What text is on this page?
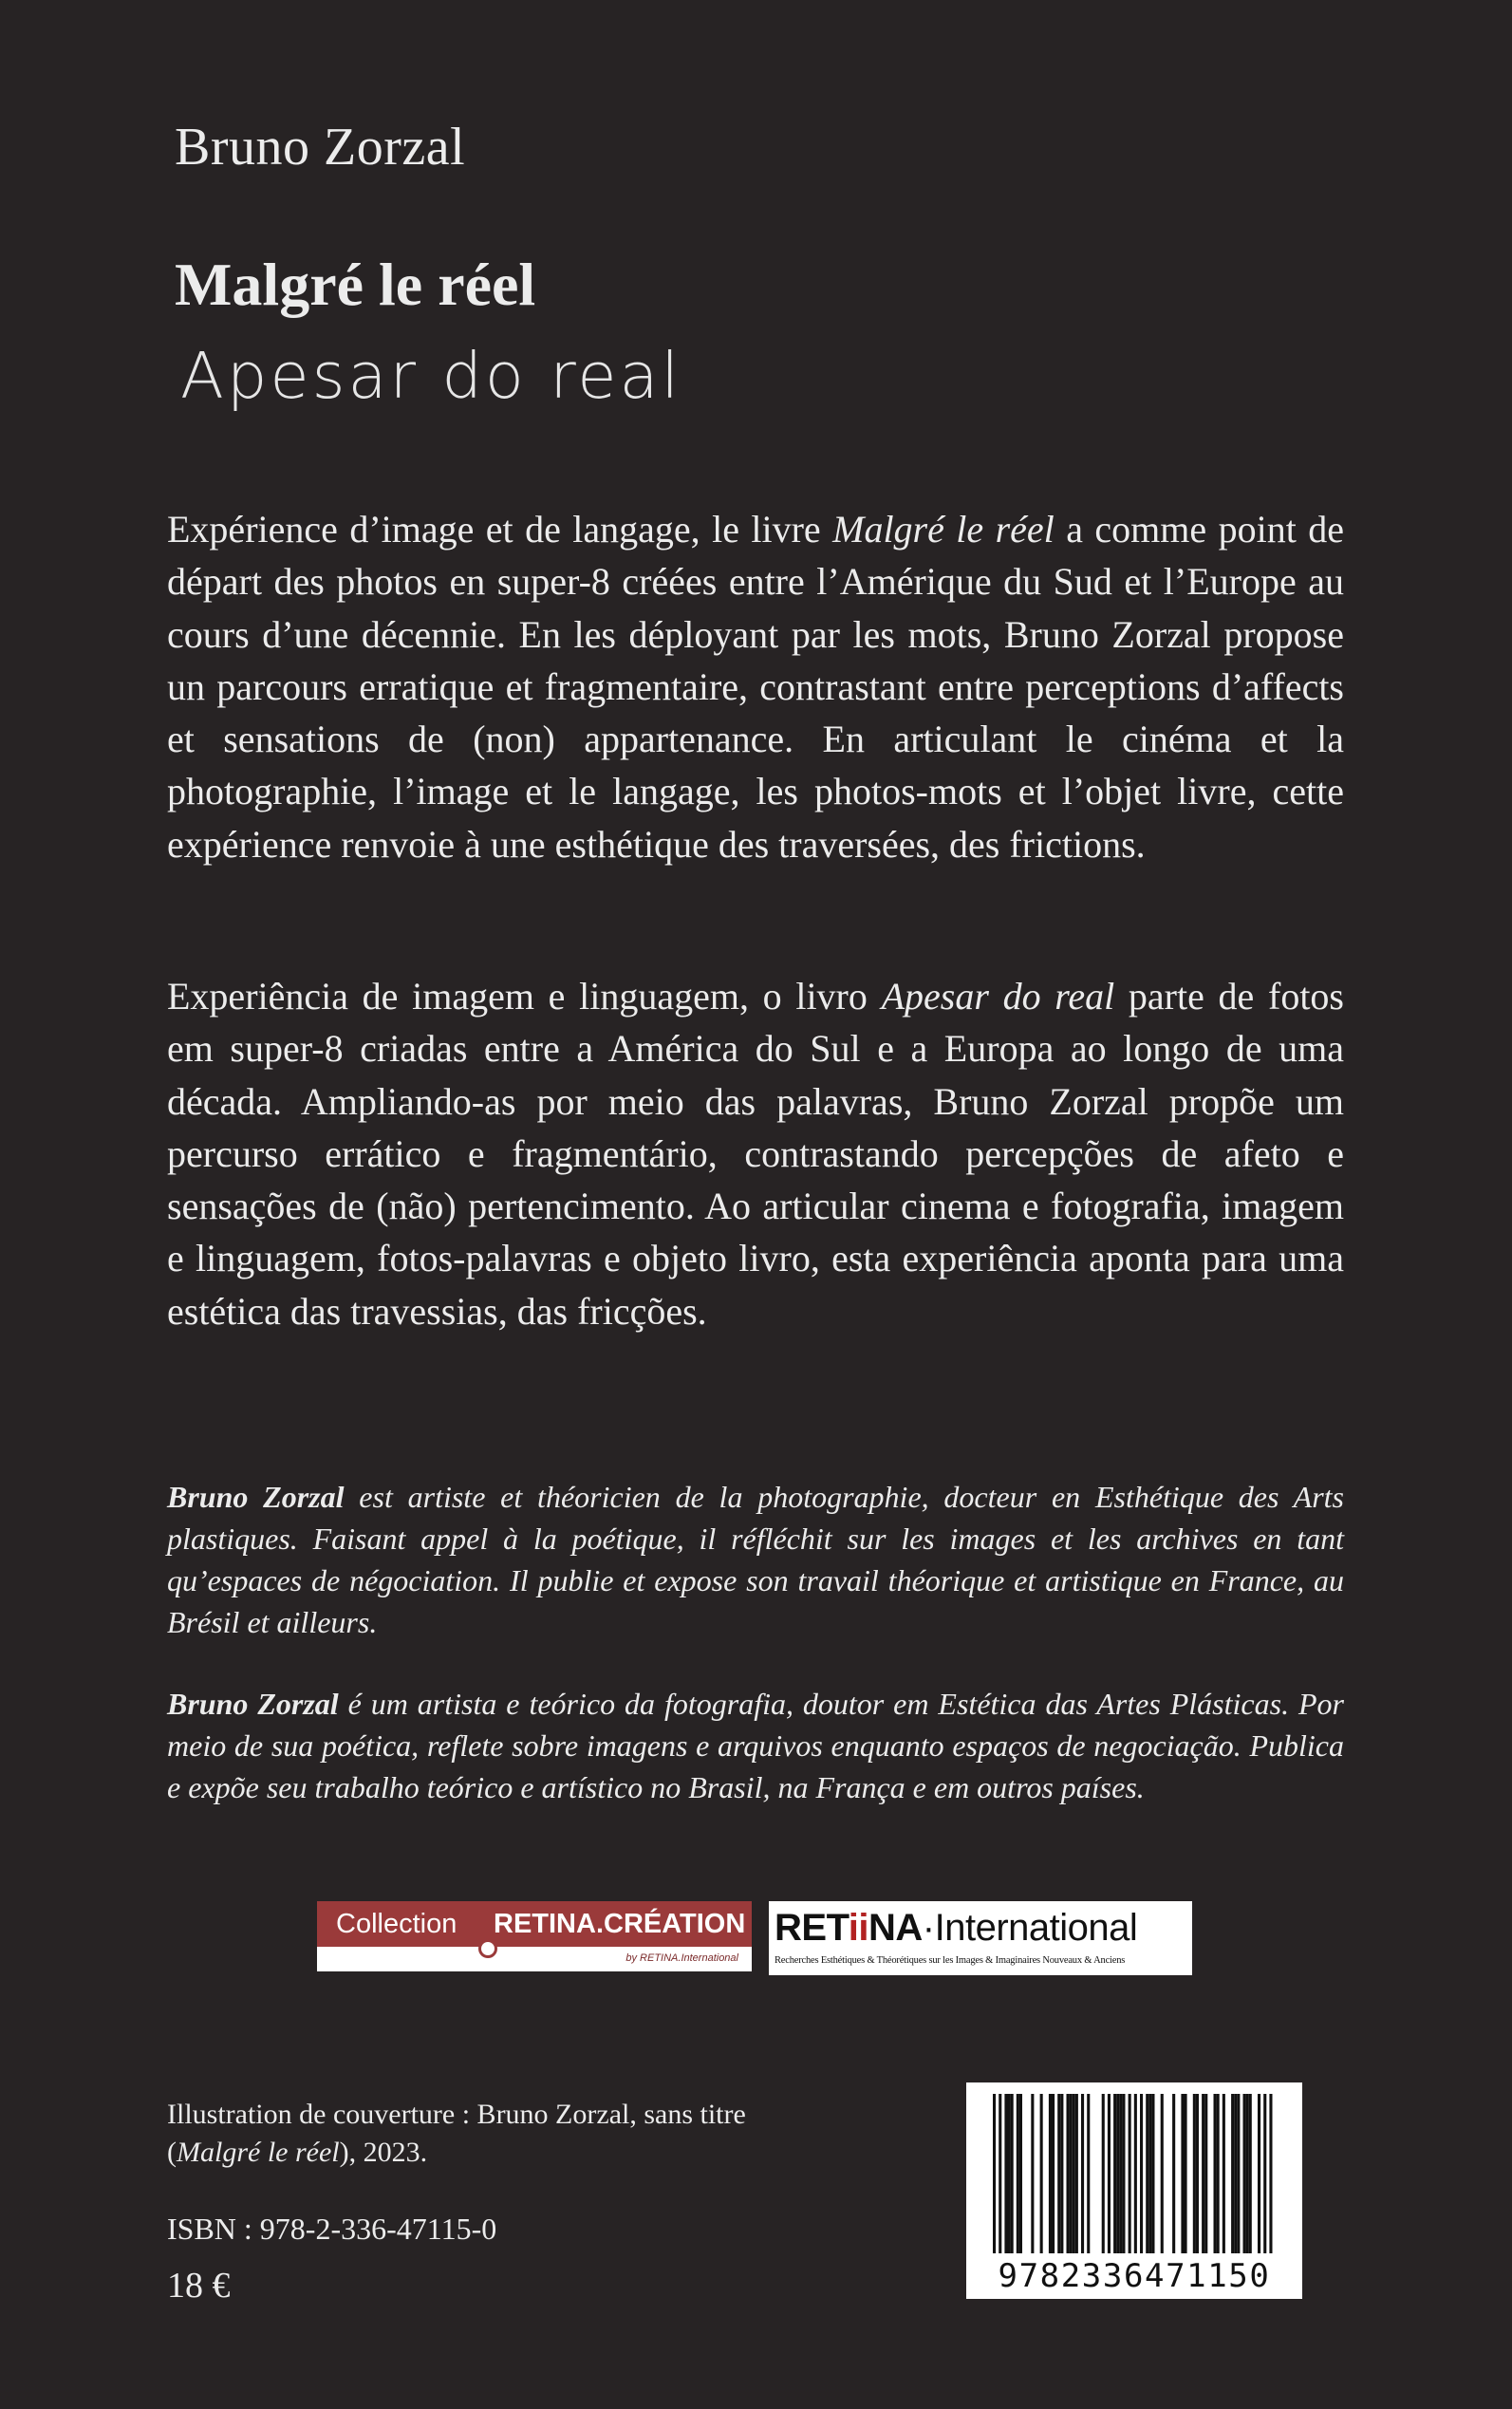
Bruno Zorzal
Malgré le réel
Apesar do real

Expérience d’image et de langage, le livre Malgré le réel a comme point de départ des photos en super-8 créées entre l’Amérique du Sud et l’Europe au cours d’une décennie. En les déployant par les mots, Bruno Zorzal propose un parcours erratique et fragmentaire, contrastant entre perceptions d’affects et sensations de (non) appartenance. En articulant le cinéma et la photographie, l’image et le langage, les photos-mots et l’objet livre, cette expérience renvoie à une esthétique des traversées, des frictions.

Experiência de imagem e linguagem, o livro Apesar do real parte de fotos em super-8 criadas entre a América do Sul e a Europa ao longo de uma década. Ampliando-as por meio das palavras, Bruno Zorzal propõe um percurso errático e fragmentário, contrastando percepções de afeto e sensações de (não) pertencimento. Ao articular cinema e fotografia, imagem e linguagem, fotos-palavras e objeto livro, esta experiência aponta para uma estética das travessias, das fricções.

Bruno Zorzal est artiste et théoricien de la photographie, docteur en Esthétique des Arts plastiques. Faisant appel à la poétique, il réfléchit sur les images et les archives en tant qu’espaces de négociation. Il publie et expose son travail théorique et artistique en France, au Brésil et ailleurs.

Bruno Zorzal é um artista e teórico da fotografia, doutor em Estética das Artes Plásticas. Por meio de sua poética, reflete sobre imagens e arquivos enquanto espaços de negociação. Publica e expõe seu trabalho teórico e artístico no Brasil, na França e em outros países.

Collection RETINA.CRÉATION
by RETINA.International
RETiiNA·International
Recherches Esthétiques & Théorétiques sur les Images & Imaginaires Nouveaux & Anciens

Illustration de couverture : Bruno Zorzal, sans titre
(Malgré le réel), 2023.

ISBN : 978-2-336-47115-0
18 €	9782336471150
